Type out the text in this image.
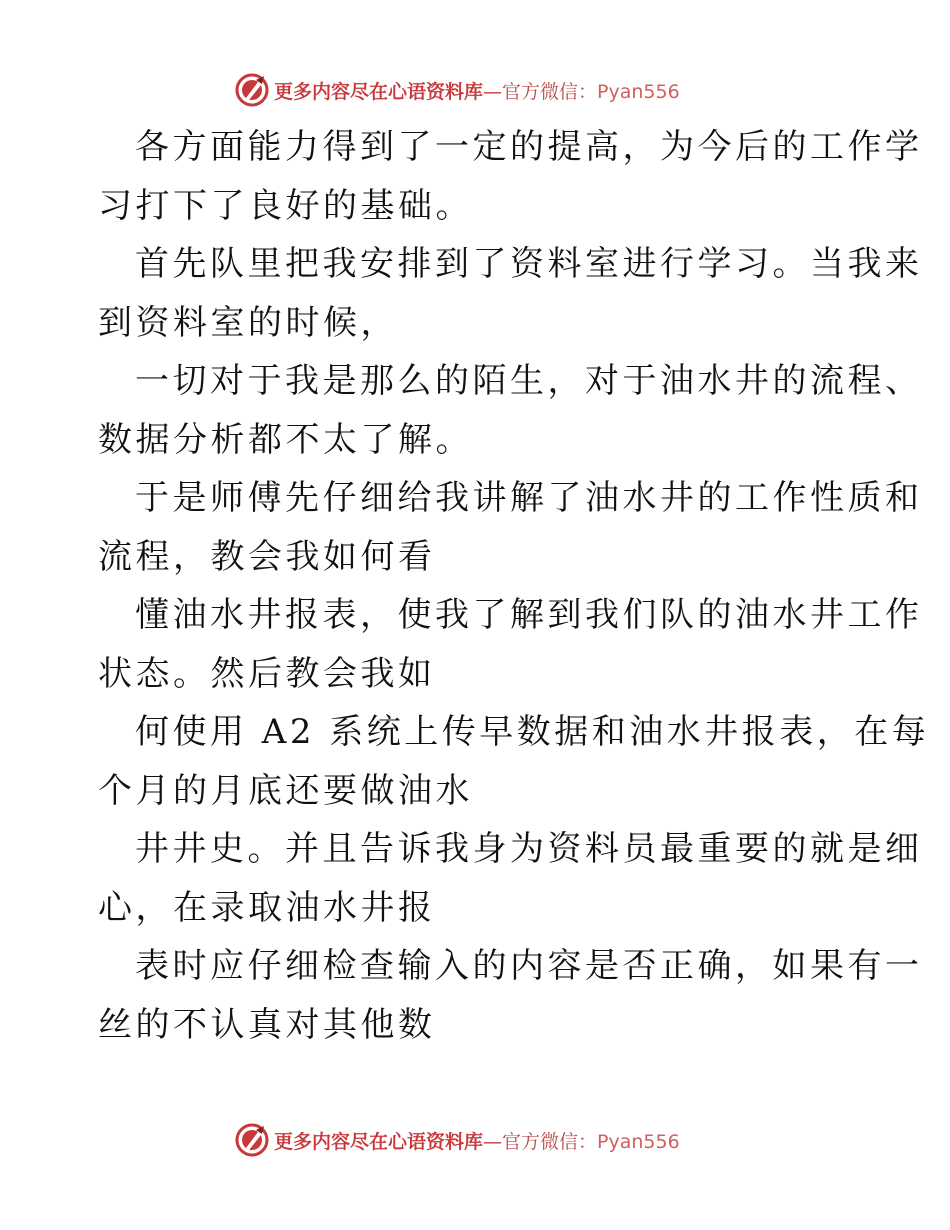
更多内容尽在心语资料库—官方微信：Pyan556
各方面能力得到了一定的提高，为今后的工作学
习打下了良好的基础。
首先队里把我安排到了资料室进行学习。当我来
到资料室的时候，
一切对于我是那么的陌生，对于油水井的流程、
数据分析都不太了解。
于是师傅先仔细给我讲解了油水井的工作性质和
流程，教会我如何看
懂油水井报表，使我了解到我们队的油水井工作
状态。然后教会我如
何使用 A2 系统上传早数据和油水井报表，在每
个月的月底还要做油水
井井史。并且告诉我身为资料员最重要的就是细
心，在录取油水井报
表时应仔细检查输入的内容是否正确，如果有一
丝的不认真对其他数
更多内容尽在心语资料库—官方微信：Pyan556
